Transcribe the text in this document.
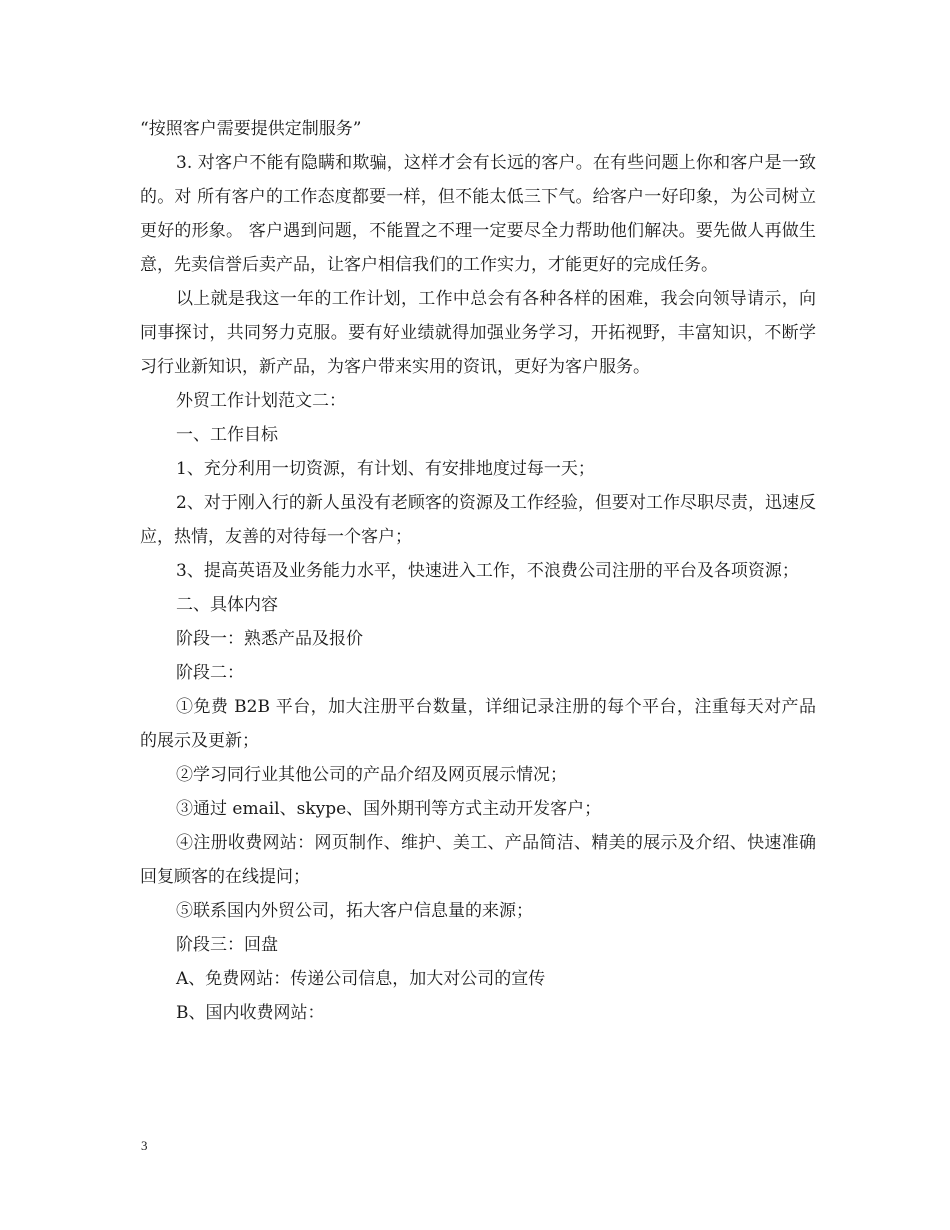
“按照客户需要提供定制服务”

3. 对客户不能有隐瞒和欺骗，这样才会有长远的客户。在有些问题上你和客户是一致的。对 所有客户的工作态度都要一样，但不能太低三下气。给客户一好印象，为公司树立更好的形象。 客户遇到问题，不能置之不理一定要尽全力帮助他们解决。要先做人再做生意，先卖信誉后卖产品，让客户相信我们的工作实力，才能更好的完成任务。

以上就是我这一年的工作计划，工作中总会有各种各样的困难，我会向领导请示，向同事探讨，共同努力克服。要有好业绩就得加强业务学习，开拓视野，丰富知识，不断学习行业新知识，新产品，为客户带来实用的资讯，更好为客户服务。

外贸工作计划范文二：

一、工作目标

1、充分利用一切资源，有计划、有安排地度过每一天；

2、对于刚入行的新人虽没有老顾客的资源及工作经验，但要对工作尽职尽责，迅速反应，热情，友善的对待每一个客户；

3、提高英语及业务能力水平，快速进入工作，不浪费公司注册的平台及各项资源；

二、具体内容

阶段一：熟悉产品及报价

阶段二：

①免费 B2B 平台，加大注册平台数量，详细记录注册的每个平台，注重每天对产品的展示及更新；

②学习同行业其他公司的产品介绍及网页展示情况；

③通过 email、skype、国外期刊等方式主动开发客户；

④注册收费网站：网页制作、维护、美工、产品简洁、精美的展示及介绍、快速准确回复顾客的在线提问；

⑤联系国内外贸公司，拓大客户信息量的来源；

阶段三：回盘

A、免费网站：传递公司信息，加大对公司的宣传

B、国内收费网站：

3
